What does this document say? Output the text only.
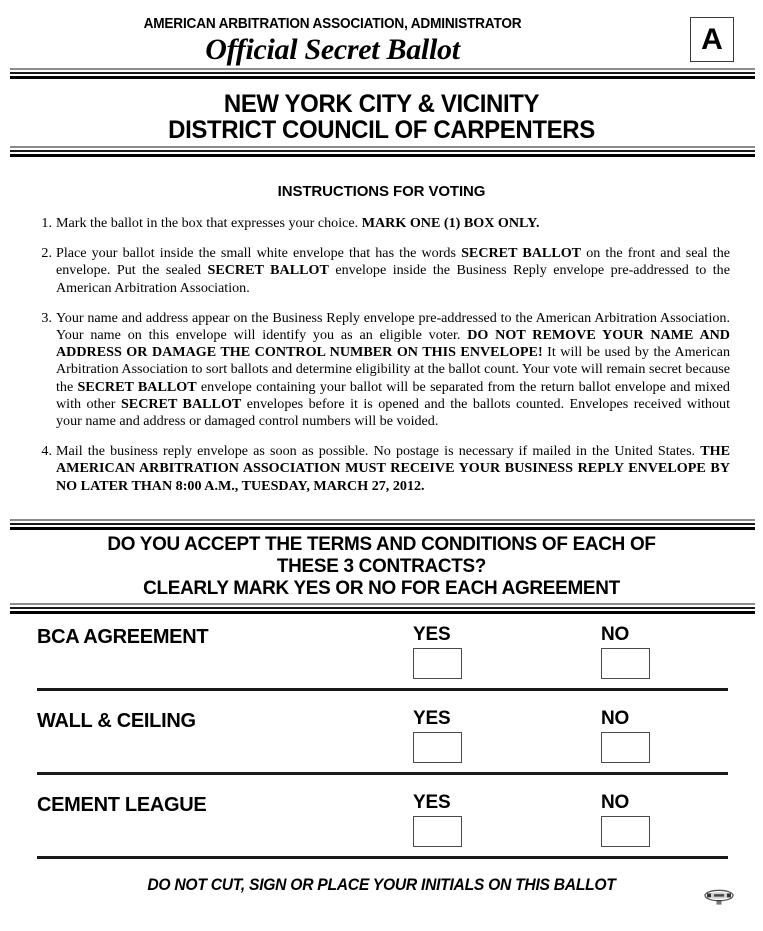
AMERICAN ARBITRATION ASSOCIATION, ADMINISTRATOR
Official Secret Ballot	A
NEW YORK CITY & VICINITY
DISTRICT COUNCIL OF CARPENTERS
INSTRUCTIONS FOR VOTING
1. Mark the ballot in the box that expresses your choice. MARK ONE (1) BOX ONLY.
2. Place your ballot inside the small white envelope that has the words SECRET BALLOT on the front and seal the envelope. Put the sealed SECRET BALLOT envelope inside the Business Reply envelope pre-addressed to the American Arbitration Association.
3. Your name and address appear on the Business Reply envelope pre-addressed to the American Arbitration Association. Your name on this envelope will identify you as an eligible voter. DO NOT REMOVE YOUR NAME AND ADDRESS OR DAMAGE THE CONTROL NUMBER ON THIS ENVELOPE! It will be used by the American Arbitration Association to sort ballots and determine eligibility at the ballot count. Your vote will remain secret because the SECRET BALLOT envelope containing your ballot will be separated from the return ballot envelope and mixed with other SECRET BALLOT envelopes before it is opened and the ballots counted. Envelopes received without your name and address or damaged control numbers will be voided.
4. Mail the business reply envelope as soon as possible. No postage is necessary if mailed in the United States. THE AMERICAN ARBITRATION ASSOCIATION MUST RECEIVE YOUR BUSINESS REPLY ENVELOPE BY NO LATER THAN 8:00 A.M., TUESDAY, MARCH 27, 2012.
DO YOU ACCEPT THE TERMS AND CONDITIONS OF EACH OF
THESE 3 CONTRACTS?
CLEARLY MARK YES OR NO FOR EACH AGREEMENT
BCA AGREEMENT	YES	NO
WALL & CEILING	YES	NO
CEMENT LEAGUE	YES	NO
DO NOT CUT, SIGN OR PLACE YOUR INITIALS ON THIS BALLOT
